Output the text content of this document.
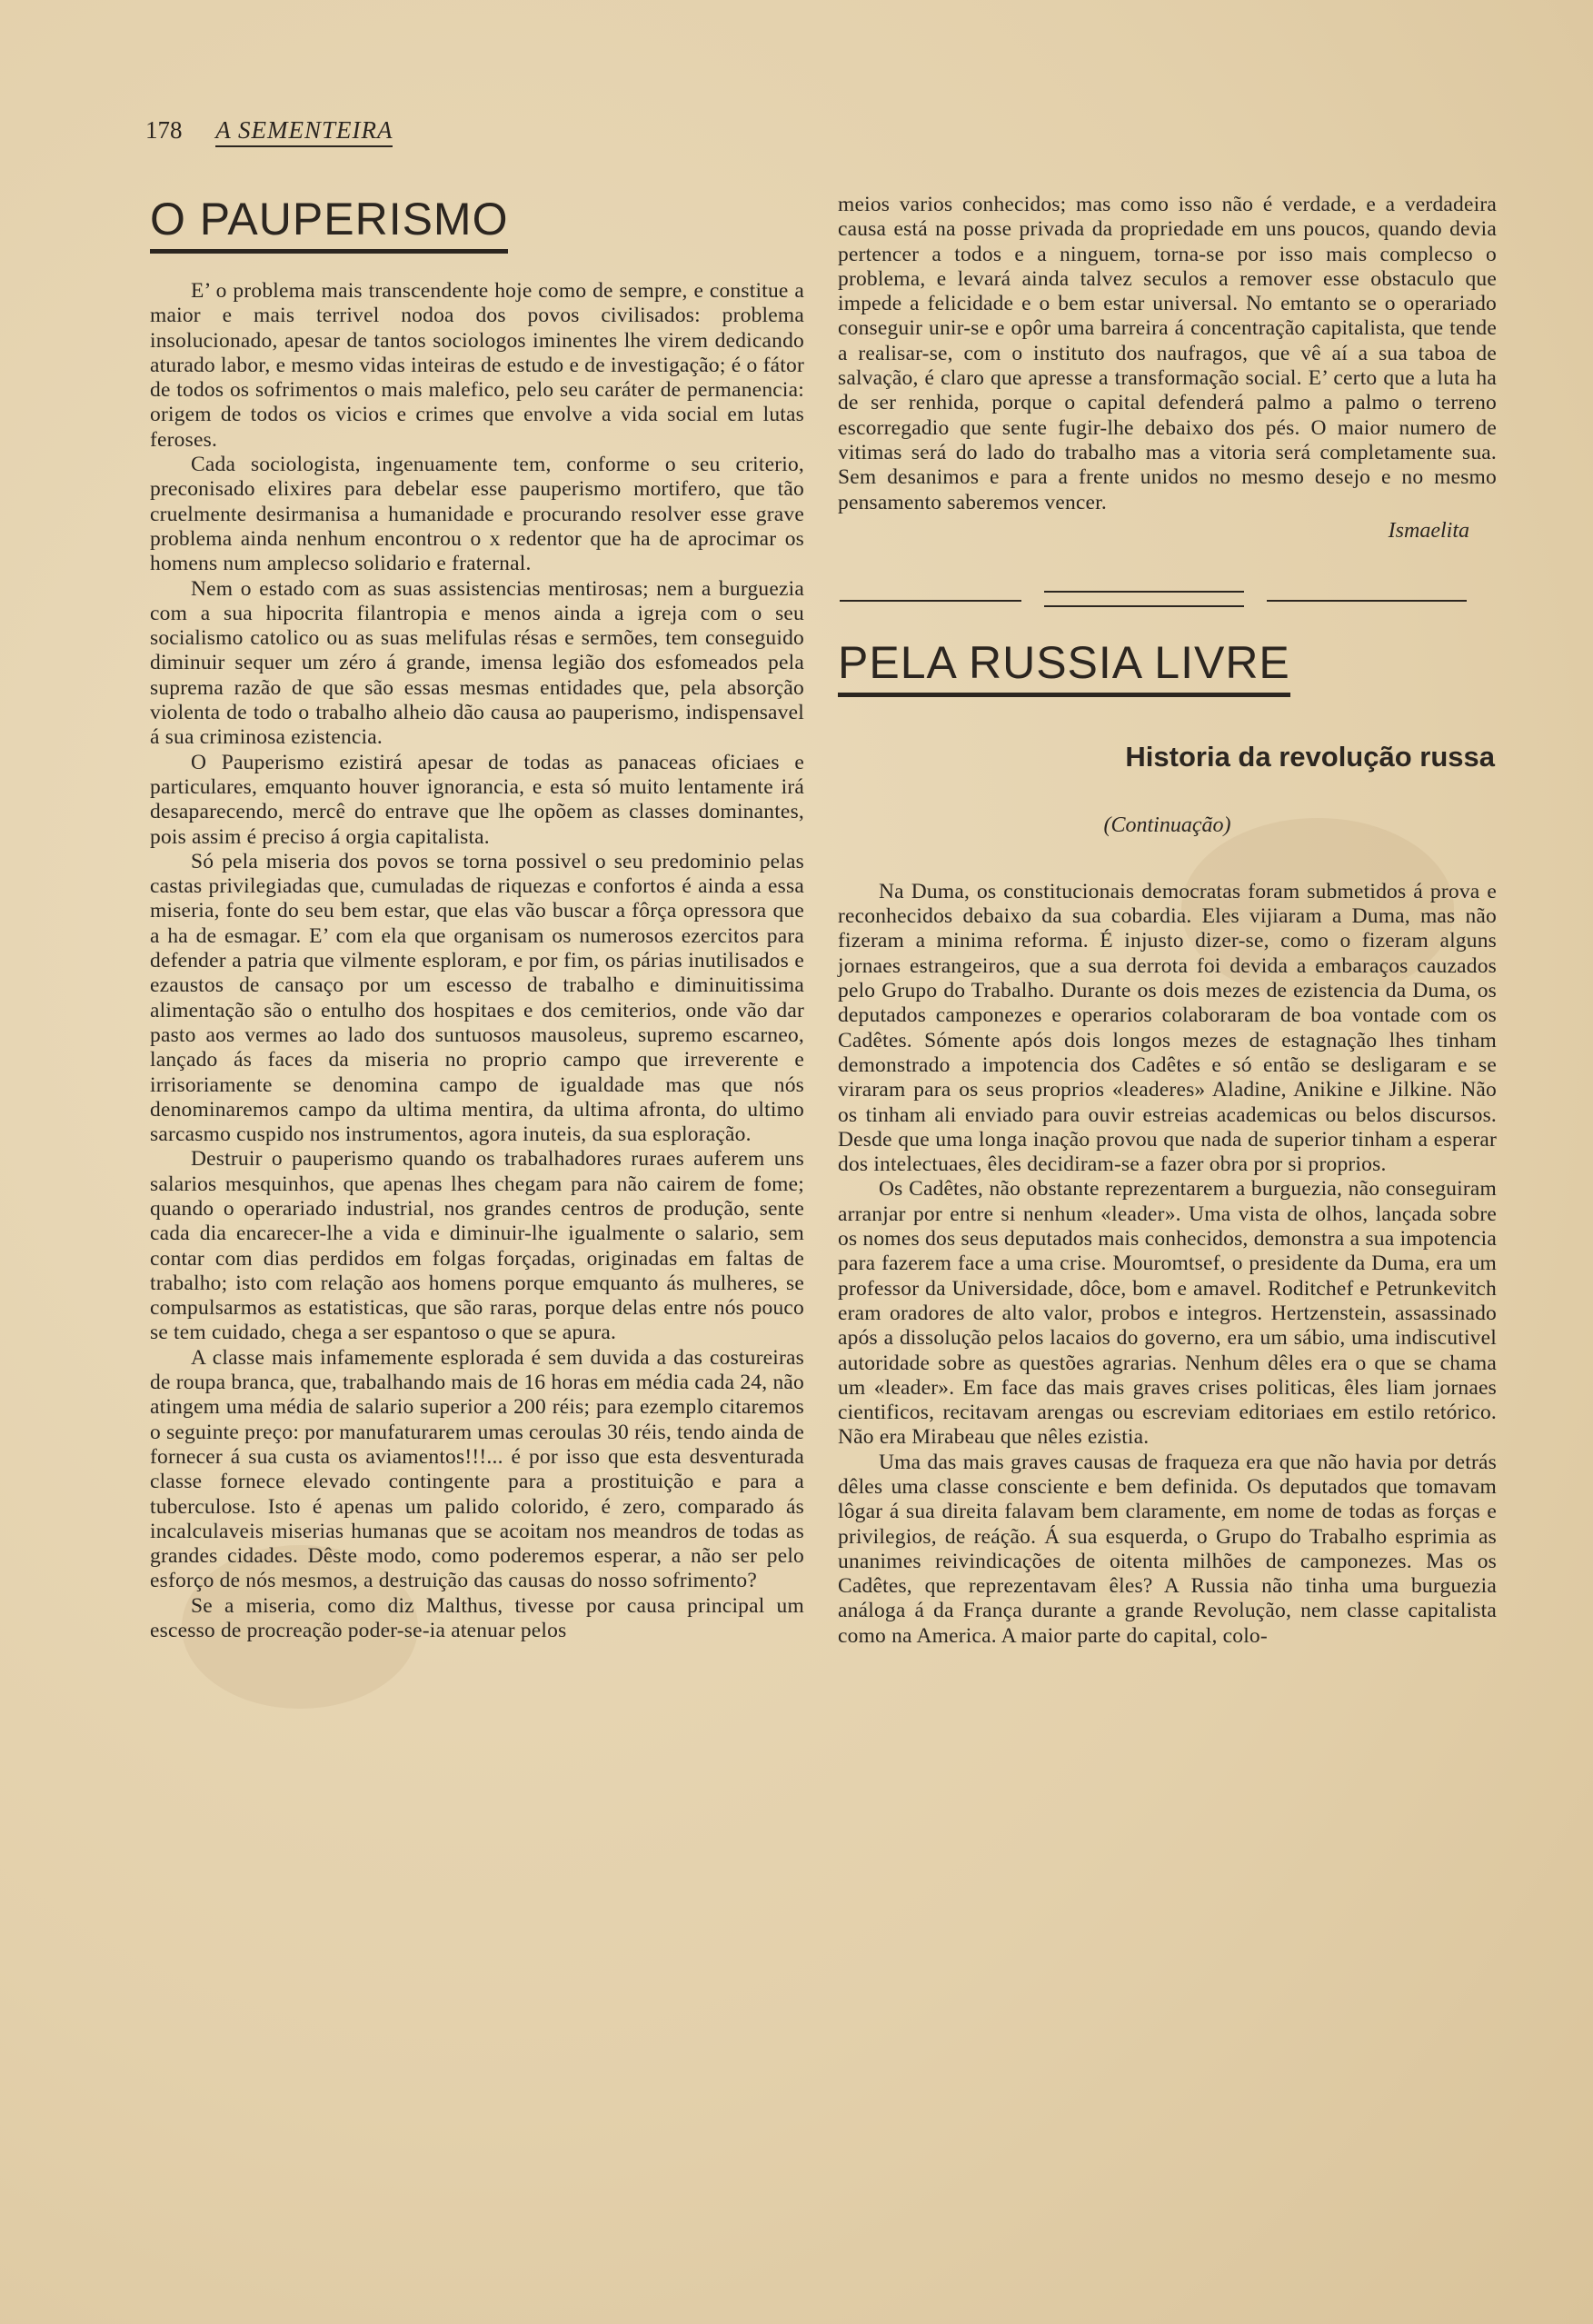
178 A SEMENTEIRA
O PAUPERISMO

E’ o problema mais transcendente hoje como de sempre, e constitue a maior e mais terrivel nodoa dos povos civilisados: problema insolucionado, apesar de tantos sociologos iminentes lhe virem dedicando aturado labor, e mesmo vidas inteiras de estudo e de investigação; é o fátor de todos os sofrimentos o mais malefico, pelo seu caráter de permanencia: origem de todos os vicios e crimes que envolve a vida social em lutas feroses.

Cada sociologista, ingenuamente tem, conforme o seu criterio, preconisado elixires para debelar esse pauperismo mortifero, que tão cruelmente desirmanisa a humanidade e procurando resolver esse grave problema ainda nenhum encontrou o x redentor que ha de aprocimar os homens num amplecso solidario e fraternal.

Nem o estado com as suas assistencias mentirosas; nem a burguezia com a sua hipocrita filantropia e menos ainda a igreja com o seu socialismo catolico ou as suas melifulas résas e sermões, tem conseguido diminuir sequer um zéro á grande, imensa legião dos esfomeados pela suprema razão de que são essas mesmas entidades que, pela absorção violenta de todo o trabalho alheio dão causa ao pauperismo, indispensavel á sua criminosa ezistencia.

O Pauperismo ezistirá apesar de todas as panaceas oficiaes e particulares, emquanto houver ignorancia, e esta só muito lentamente irá desaparecendo, mercê do entrave que lhe opõem as classes dominantes, pois assim é preciso á orgia capitalista.

Só pela miseria dos povos se torna possivel o seu predominio pelas castas privilegiadas que, cumuladas de riquezas e confortos é ainda a essa miseria, fonte do seu bem estar, que elas vão buscar a fôrça opressora que a ha de esmagar. E’ com ela que organisam os numerosos ezercitos para defender a patria que vilmente esploram, e por fim, os párias inutilisados e ezaustos de cansaço por um escesso de trabalho e diminuitissima alimentação são o entulho dos hospitaes e dos cemiterios, onde vão dar pasto aos vermes ao lado dos suntuosos mausoleus, supremo escarneo, lançado ás faces da miseria no proprio campo que irreverente e irrisoriamente se denomina campo de igualdade mas que nós denominaremos campo da ultima mentira, da ultima afronta, do ultimo sarcasmo cuspido nos instrumentos, agora inuteis, da sua esploração.

Destruir o pauperismo quando os trabalhadores ruraes auferem uns salarios mesquinhos, que apenas lhes chegam para não cairem de fome; quando o operariado industrial, nos grandes centros de produção, sente cada dia encarecer-lhe a vida e diminuir-lhe igualmente o salario, sem contar com dias perdidos em folgas forçadas, originadas em faltas de trabalho; isto com relação aos homens porque emquanto ás mulheres, se compulsarmos as estatisticas, que são raras, porque delas entre nós pouco se tem cuidado, chega a ser espantoso o que se apura.

A classe mais infamemente esplorada é sem duvida a das costureiras de roupa branca, que, trabalhando mais de 16 horas em média cada 24, não atingem uma média de salario superior a 200 réis; para ezemplo citaremos o seguinte preço: por manufaturarem umas ceroulas 30 réis, tendo ainda de fornecer á sua custa os aviamentos!!!... é por isso que esta desventurada classe fornece elevado contingente para a prostituição e para a tuberculose. Isto é apenas um palido colorido, é zero, comparado ás incalculaveis miserias humanas que se acoitam nos meandros de todas as grandes cidades. Dêste modo, como poderemos esperar, a não ser pelo esforço de nós mesmos, a destruição das causas do nosso sofrimento?

Se a miseria, como diz Malthus, tivesse por causa principal um escesso de procreação poder-se-ia atenuar pelos

meios varios conhecidos; mas como isso não é verdade, e a verdadeira causa está na posse privada da propriedade em uns poucos, quando devia pertencer a todos e a ninguem, torna-se por isso mais complecso o problema, e levará ainda talvez seculos a remover esse obstaculo que impede a felicidade e o bem estar universal. No emtanto se o operariado conseguir unir-se e opôr uma barreira á concentração capitalista, que tende a realisar-se, com o instituto dos naufragos, que vê aí a sua taboa de salvação, é claro que apresse a transformação social. E’ certo que a luta ha de ser renhida, porque o capital defenderá palmo a palmo o terreno escorregadio que sente fugir-lhe debaixo dos pés. O maior numero de vitimas será do lado do trabalho mas a vitoria será completamente sua. Sem desanimos e para a frente unidos no mesmo desejo e no mesmo pensamento saberemos vencer.

Ismaelita
PELA RUSSIA LIVRE
Historia da revolução russa
(Continuação)

Na Duma, os constitucionais democratas foram submetidos á prova e reconhecidos debaixo da sua cobardia. Eles vijiaram a Duma, mas não fizeram a minima reforma. É injusto dizer-se, como o fizeram alguns jornaes estrangeiros, que a sua derrota foi devida a embaraços cauzados pelo Grupo do Trabalho. Durante os dois mezes de ezistencia da Duma, os deputados camponezes e operarios colaboraram de boa vontade com os Cadêtes. Sómente após dois longos mezes de estagnação lhes tinham demonstrado a impotencia dos Cadêtes e só então se desligaram e se viraram para os seus proprios «leaderes» Aladine, Anikine e Jilkine. Não os tinham ali enviado para ouvir estreias academicas ou belos discursos. Desde que uma longa inação provou que nada de superior tinham a esperar dos intelectuaes, êles decidiram-se a fazer obra por si proprios.

Os Cadêtes, não obstante reprezentarem a burguezia, não conseguiram arranjar por entre si nenhum «leader». Uma vista de olhos, lançada sobre os nomes dos seus deputados mais conhecidos, demonstra a sua impotencia para fazerem face a uma crise. Mouromtsef, o presidente da Duma, era um professor da Universidade, dôce, bom e amavel. Roditchef e Petrunkevitch eram oradores de alto valor, probos e integros. Hertzenstein, assassinado após a dissolução pelos lacaios do governo, era um sábio, uma indiscutivel autoridade sobre as questões agrarias. Nenhum dêles era o que se chama um «leader». Em face das mais graves crises politicas, êles liam jornaes cientificos, recitavam arengas ou escreviam editoriaes em estilo retórico. Não era Mirabeau que nêles ezistia.

Uma das mais graves causas de fraqueza era que não havia por detrás dêles uma classe consciente e bem definida. Os deputados que tomavam lôgar á sua direita falavam bem claramente, em nome de todas as forças e privilegios, de reáção. Á sua esquerda, o Grupo do Trabalho esprimia as unanimes reivindicações de oitenta milhões de camponezes. Mas os Cadêtes, que reprezentavam êles? A Russia não tinha uma burguezia análoga á da França durante a grande Revolução, nem classe capitalista como na America. A maior parte do capital, colo-
